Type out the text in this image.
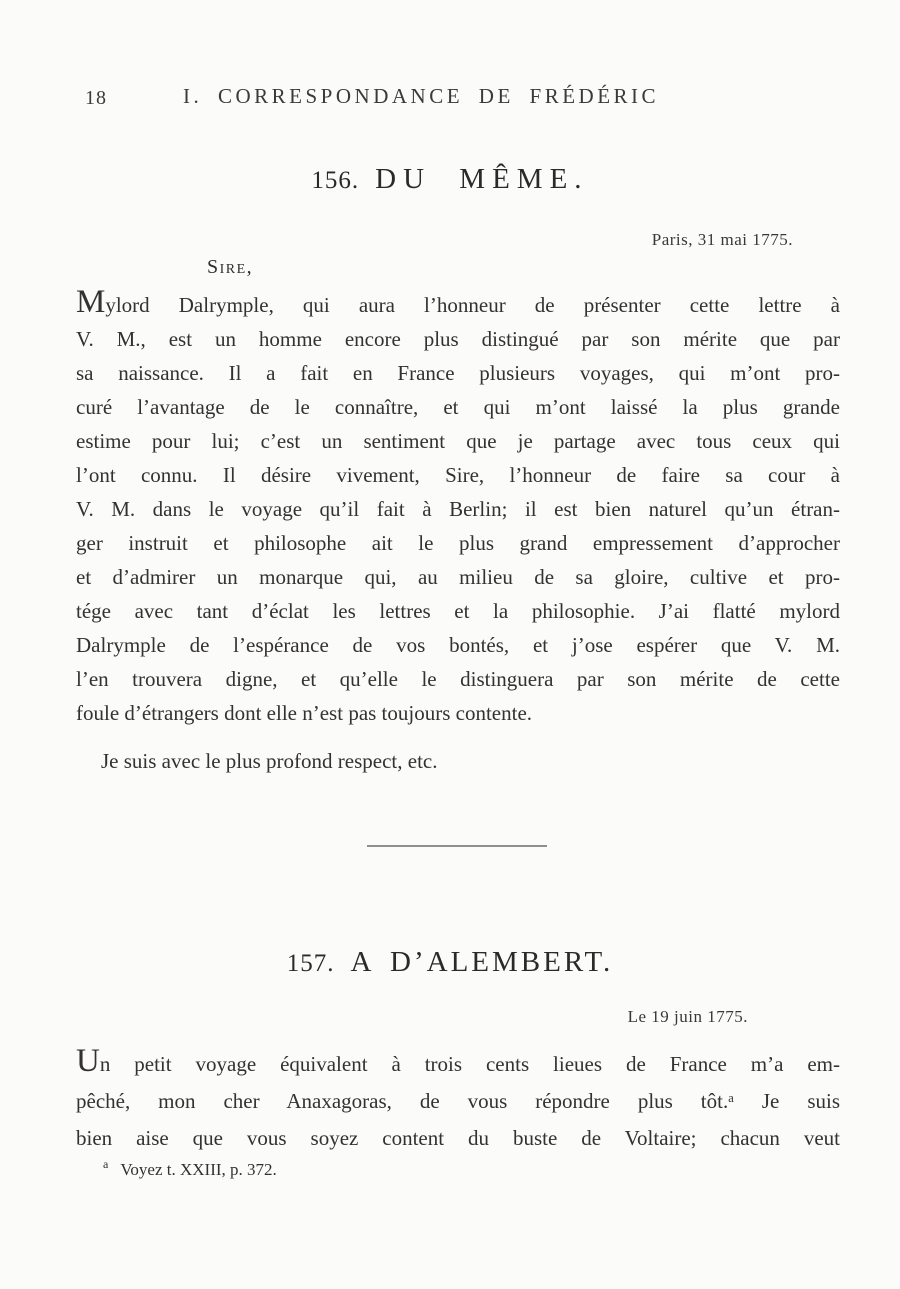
18	I. CORRESPONDANCE DE FRÉDÉRIC
156. DU MÊME.
Paris, 31 mai 1775.
Sire,
Mylord Dalrymple, qui aura l’honneur de présenter cette lettre à
V. M., est un homme encore plus distingué par son mérite que par
sa naissance. Il a fait en France plusieurs voyages, qui m’ont pro-
curé l’avantage de le connaître, et qui m’ont laissé la plus grande
estime pour lui; c’est un sentiment que je partage avec tous ceux qui
l’ont connu. Il désire vivement, Sire, l’honneur de faire sa cour à
V. M. dans le voyage qu’il fait à Berlin; il est bien naturel qu’un étran-
ger instruit et philosophe ait le plus grand empressement d’approcher
et d’admirer un monarque qui, au milieu de sa gloire, cultive et pro-
tége avec tant d’éclat les lettres et la philosophie. J’ai flatté mylord
Dalrymple de l’espérance de vos bontés, et j’ose espérer que V. M.
l’en trouvera digne, et qu’elle le distinguera par son mérite de cette
foule d’étrangers dont elle n’est pas toujours contente.
Je suis avec le plus profond respect, etc.
157. A D’ALEMBERT.
Le 19 juin 1775.
Un petit voyage équivalent à trois cents lieues de France m’a em-
pêché, mon cher Anaxagoras, de vous répondre plus tôt.ᵃ Je suis
bien aise que vous soyez content du buste de Voltaire; chacun veut
$^a$ Voyez t. XXIII, p. 372.
